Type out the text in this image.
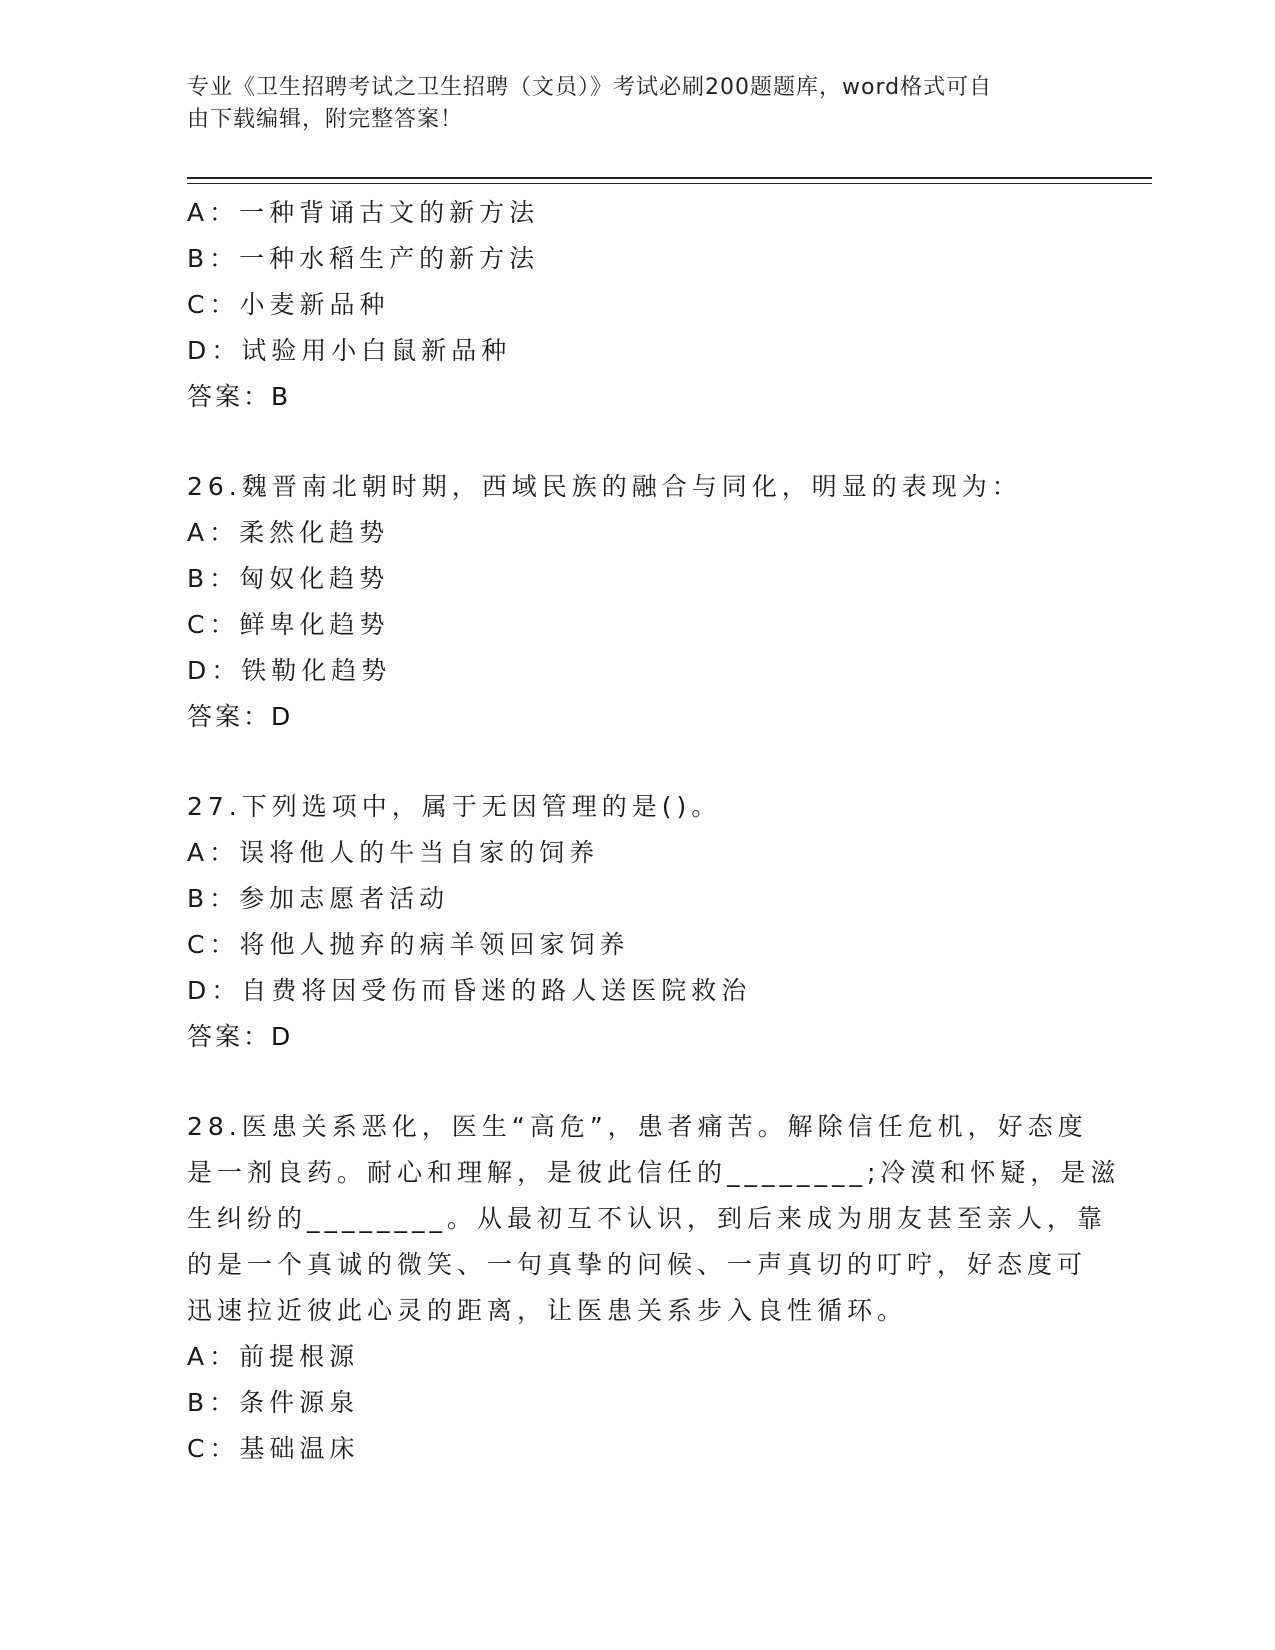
专业《卫生招聘考试之卫生招聘（文员）》考试必刷200题题库，word格式可自
由下载编辑，附完整答案！
A：一种背诵古文的新方法
B：一种水稻生产的新方法
C：小麦新品种
D：试验用小白鼠新品种
答案：B
26.魏晋南北朝时期，西域民族的融合与同化，明显的表现为：
A：柔然化趋势
B：匈奴化趋势
C：鲜卑化趋势
D：铁勒化趋势
答案：D
27.下列选项中，属于无因管理的是()。
A：误将他人的牛当自家的饲养
B：参加志愿者活动
C：将他人抛弃的病羊领回家饲养
D：自费将因受伤而昏迷的路人送医院救治
答案：D
28.医患关系恶化，医生“高危”，患者痛苦。解除信任危机，好态度
是一剂良药。耐心和理解，是彼此信任的________;冷漠和怀疑，是滋
生纠纷的________。从最初互不认识，到后来成为朋友甚至亲人，靠
的是一个真诚的微笑、一句真挚的问候、一声真切的叮咛，好态度可
迅速拉近彼此心灵的距离，让医患关系步入良性循环。
A：前提根源
B：条件源泉
C：基础温床
